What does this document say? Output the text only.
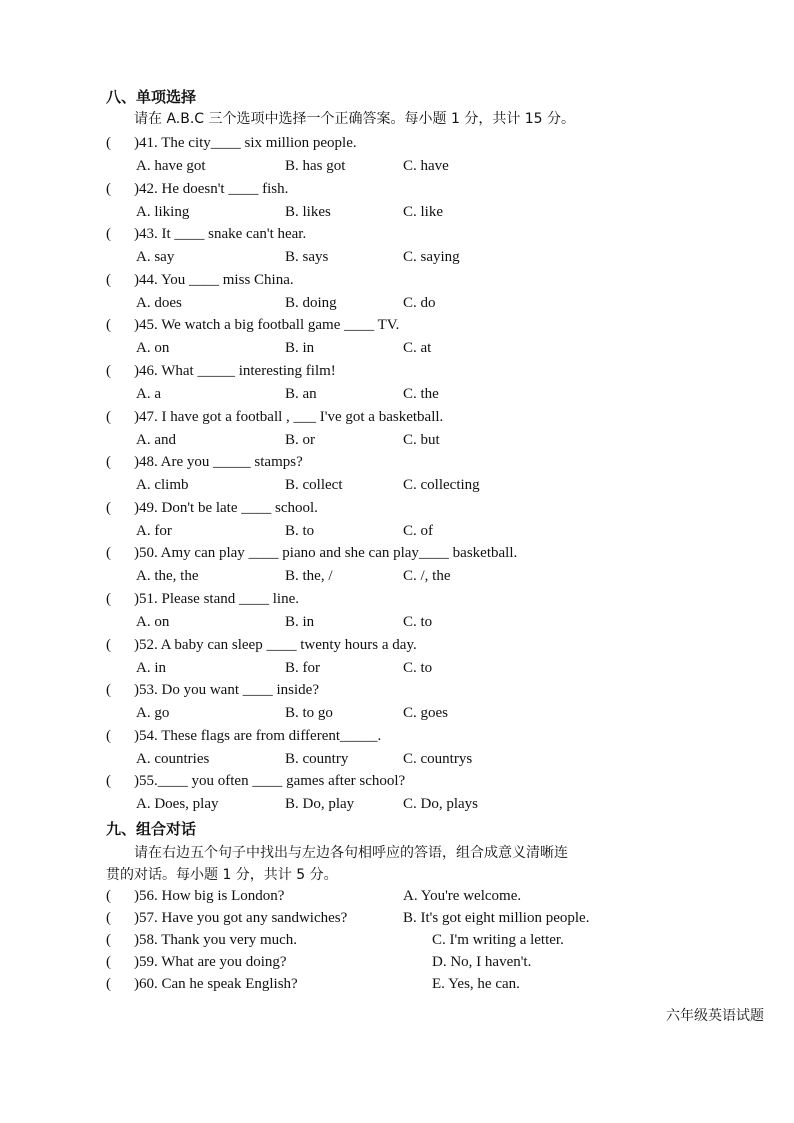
八、单项选择
请在 A.B.C 三个选项中选择一个正确答案。每小题 1 分，共计 15 分。
( )41. The city____ six million people.
A. have got	B. has got	C. have
( )42. He doesn't ____ fish.
A. liking	B. likes	C. like
( )43. It ____ snake can't hear.
A. say	B. says	C. saying
( )44. You ____ miss China.
A. does	B. doing	C. do
( )45. We watch a big football game ____ TV.
A. on	B. in	C. at
( )46. What _____ interesting film!
A. a	B. an	C. the
( )47. I have got a football , ___ I've got a basketball.
A. and	B. or	C. but
( )48. Are you _____ stamps?
A. climb	B. collect	C. collecting
( )49. Don't be late ____ school.
A. for	B. to	C. of
( )50. Amy can play ____ piano and she can play____ basketball.
A. the, the	B. the, /	C. /, the
( )51. Please stand ____ line.
A. on	B. in	C. to
( )52. A baby can sleep ____ twenty hours a day.
A. in	B. for	C. to
( )53. Do you want ____ inside?
A. go	B. to go	C. goes
( )54. These flags are from different_____.
A. countries	B. country	C. countrys
( )55.____ you often ____ games after school?
A. Does, play	B. Do, play	C. Do, plays
九、组合对话
请在右边五个句子中找出与左边各句相呼应的答语，组合成意义清晰连
贯的对话。每小题 1 分，共计 5 分。
( )56. How big is London?	A. You're welcome.
( )57. Have you got any sandwiches?	B. It's got eight million people.
( )58. Thank you very much.	C. I'm writing a letter.
( )59. What are you doing?	D. No, I haven't.
( )60. Can he speak English?	E. Yes, he can.
六年级英语试题
